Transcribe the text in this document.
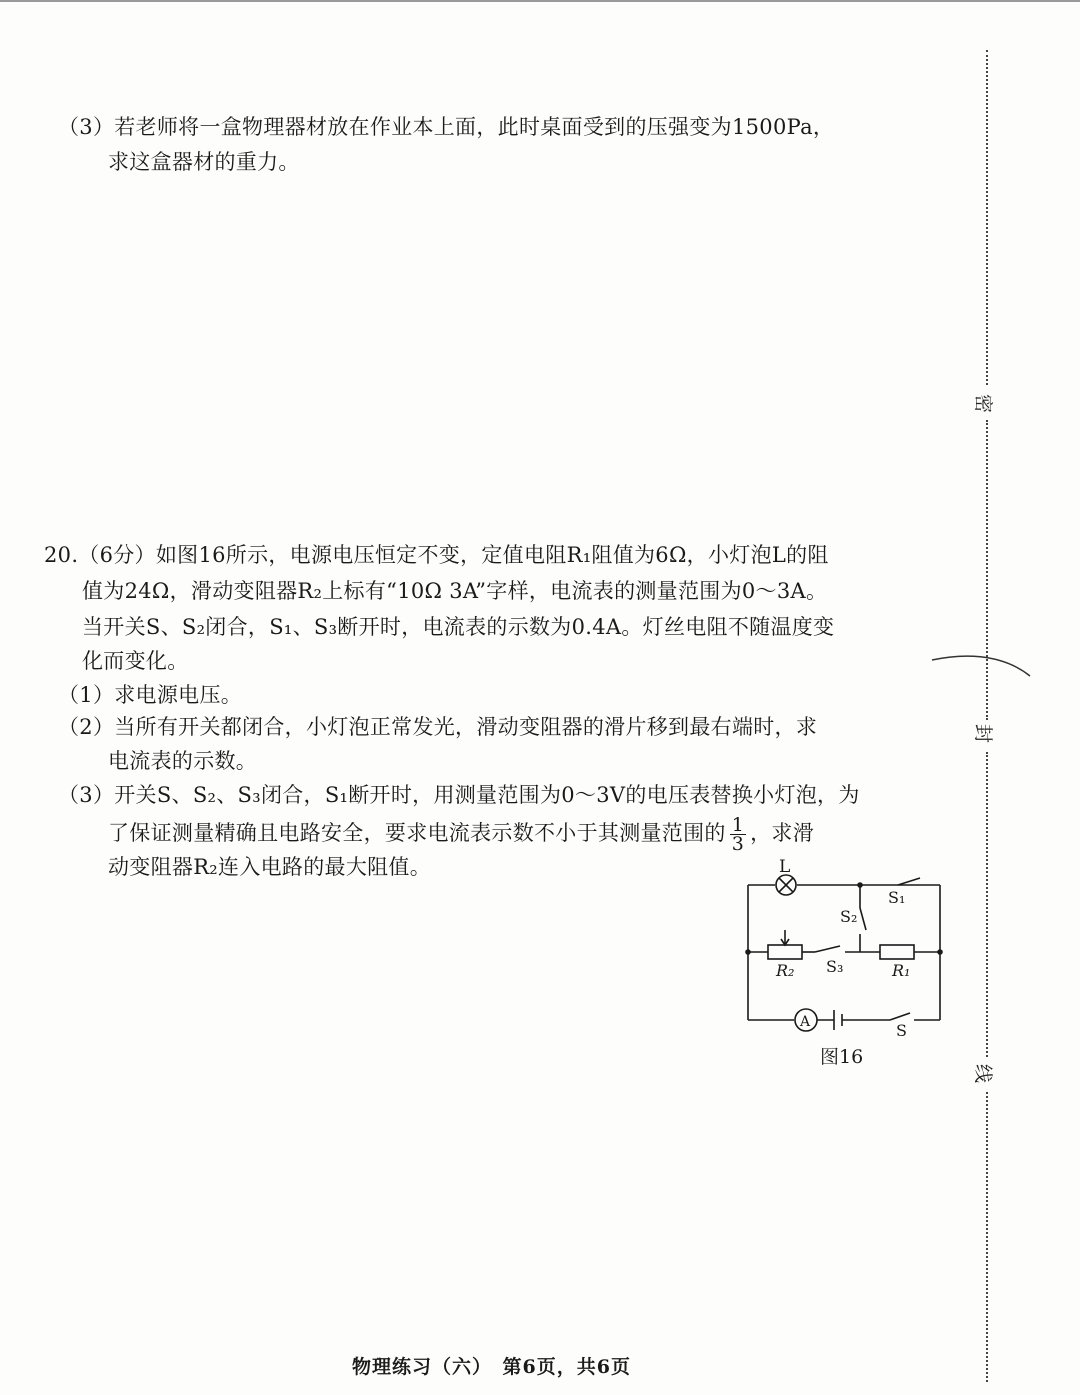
（3）若老师将一盒物理器材放在作业本上面，此时桌面受到的压强变为1500Pa，
求这盒器材的重力。
20.（6分）如图16所示，电源电压恒定不变，定值电阻R₁阻值为6Ω，小灯泡L的阻
值为24Ω，滑动变阻器R₂上标有“10Ω 3A”字样，电流表的测量范围为0～3A。
当开关S、S₂闭合，S₁、S₃断开时，电流表的示数为0.4A。灯丝电阻不随温度变
化而变化。
（1）求电源电压。
（2）当所有开关都闭合，小灯泡正常发光，滑动变阻器的滑片移到最右端时，求
电流表的示数。
（3）开关S、S₂、S₃闭合，S₁断开时，用测量范围为0～3V的电压表替换小灯泡，为
了保证测量精确且电路安全，要求电流表示数不小于其测量范围的 $\frac{1}{3}$ ，求滑
动变阻器R₂连入电路的最大阻值。	L
S₁
S₂
S₃	R₁
R₂
A	S
图16
密
封
线
物理练习（六）　第6页，共6页
